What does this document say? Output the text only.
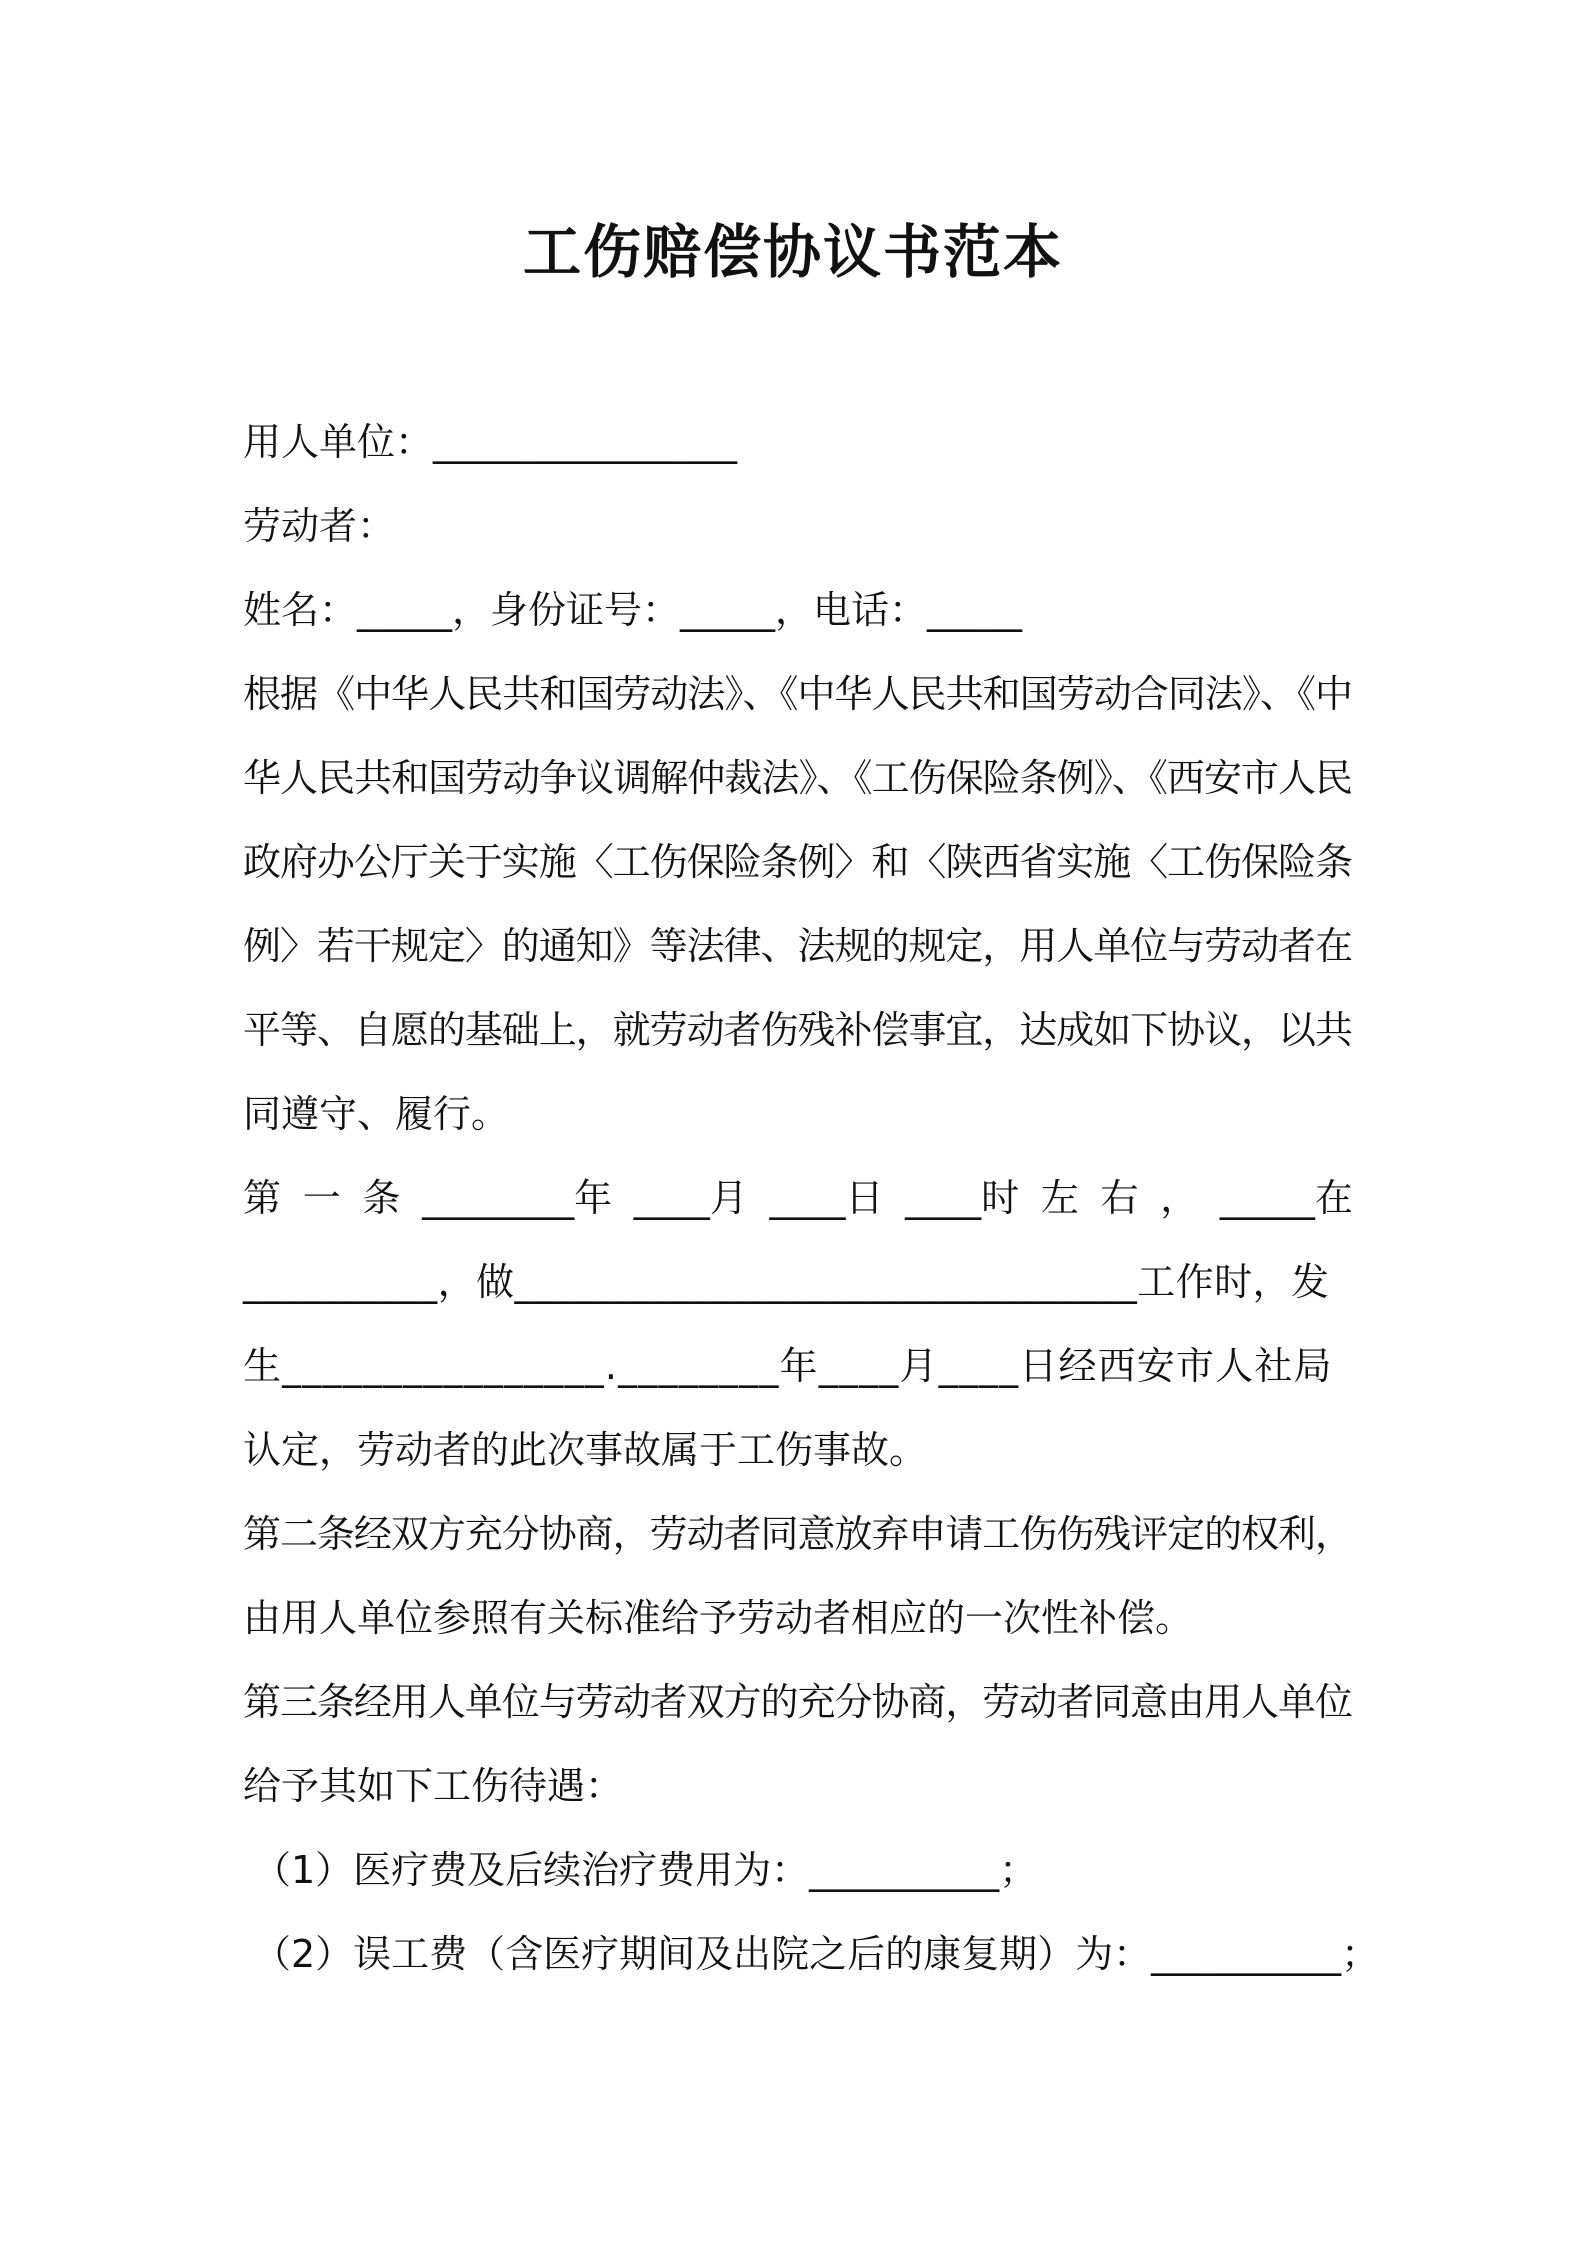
工伤赔偿协议书范本
用人单位：________________
劳动者：
姓名：_____，身份证号：_____，电话：_____
根据《中华人民共和国劳动法》、《中华人民共和国劳动合同法》、《中
华人民共和国劳动争议调解仲裁法》、《工伤保险条例》、《西安市人民
政府办公厅关于实施〈工伤保险条例〉和〈陕西省实施〈工伤保险条
例〉若干规定〉的通知》等法律、法规的规定，用人单位与劳动者在
平等、自愿的基础上，就劳动者伤残补偿事宜，达成如下协议，以共
同遵守、履行。
第 一 条 ________年 ____月 ____日 ____时 左 右 ， _____在
__________，做________________________________工作时，发
生________________.________年____月____日经西安市人社局
认定，劳动者的此次事故属于工伤事故。
第二条经双方充分协商，劳动者同意放弃申请工伤伤残评定的权利，
由用人单位参照有关标准给予劳动者相应的一次性补偿。
第三条经用人单位与劳动者双方的充分协商，劳动者同意由用人单位
给予其如下工伤待遇：
（1）医疗费及后续治疗费用为：__________；
（2）误工费（含医疗期间及出院之后的康复期）为：__________；
